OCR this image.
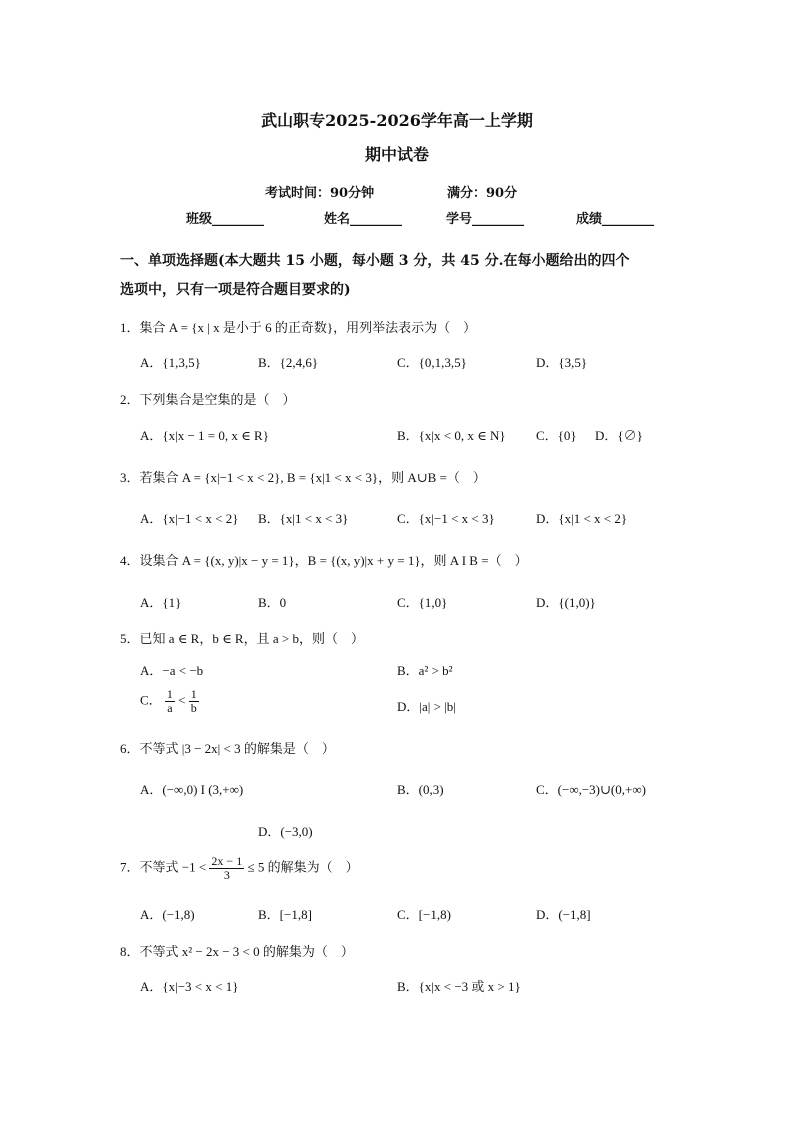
武山职专2025-2026学年高一上学期
期中试卷
考试时间：90分钟	满分：90分
班级________	姓名________	学号________	成绩________
一、单项选择题(本大题共 15 小题，每小题 3 分，共 45 分.在每小题给出的四个
选项中，只有一项是符合题目要求的)
1．集合 A = {x | x 是小于 6 的正奇数}，用列举法表示为（　）
A．{1,3,5}	B．{2,4,6}	C．{0,1,3,5}	D．{3,5}
2．下列集合是空集的是（　）
A．{x|x − 1 = 0, x ∈ R}	B．{x|x < 0, x ∈ N} C．{0} D．{∅}
3．若集合 A = {x|−1 < x < 2}, B = {x|1 < x < 3}，则 A∪B =（　）
A．{x|−1 < x < 2} B．{x|1 < x < 3}	C．{x|−1 < x < 3}	D．{x|1 < x < 2}
4．设集合 A = {(x, y)|x − y = 1}，B = {(x, y)|x + y = 1}，则 A I B =（　）
A．{1}	B．0	C．{1,0}	D．{(1,0)}
5．已知 a ∈ R，b ∈ R，且 a > b，则（　）
A．−a < −b	B．a² > b²
C． $\frac{1}{a} < \frac{1}{b}$	D．|a| > |b|
6．不等式 |3 − 2x| < 3 的解集是（　）
A．(−∞,0) I (3,+∞)	B．(0,3)	C．(−∞,−3)∪(0,+∞)
D．(−3,0)
7．不等式 $-1 < \frac{2x - 1}{3} \le 5$ 的解集为（　）
A．(−1,8)	B．[−1,8]	C．[−1,8)	D．(−1,8]
8．不等式 x² − 2x − 3 < 0 的解集为（　）
A．{x|−3 < x < 1}	B．{x|x < −3 或 x > 1}
